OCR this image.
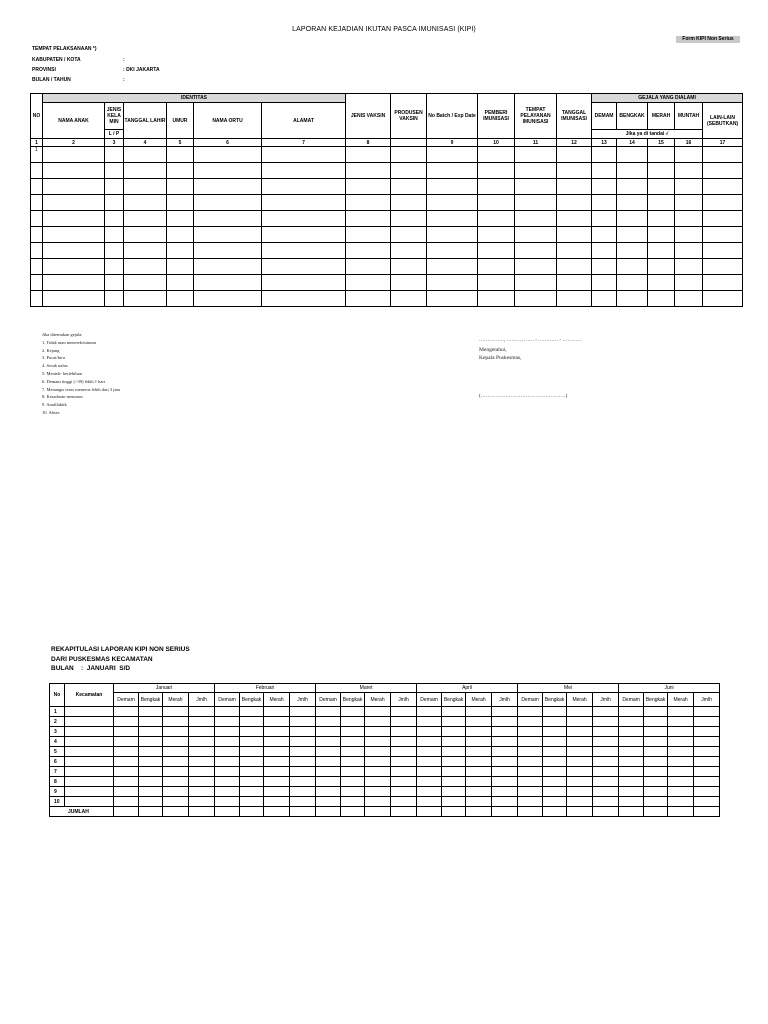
LAPORAN KEJADIAN IKUTAN PASCA IMUNISASI (KIPI)
Form KIPI Non Serius
TEMPAT PELAKSANAAN *)
KABUPATEN / KOTA	:
PROVINSI	: DKI JAKARTA
BULAN / TAHUN	:
NO	IDENTITAS						JENIS VAKSIN	PRODUSEN VAKSIN	No Batch / Exp Date	PEMBERI IMUNISASI	TEMPAT PELAYANAN IMUNISASI	TANGGAL IMUNISASI	GEJALA YANG DIALAMI				
	NAMA ANAK	JENIS KELA MIN	TANGGAL LAHIR	UMUR	NAMA ORTU	ALAMAT							DEMAM	BENGKAK	MERAH	MUNTAH	LAIN-LAIN (SEBUTKAN)
		L / P											Jika ya di tandai √				
1	2	3	4	5	6	7	8		9	10	11	12	13	14	15	16	17
1																	

Jika ditemukan gejala:
1. Tidak mau menetek/minum
2. Kejang
3. Pucat/biru
4. Sesak nafas
5. Mentek- berlebihan
6. Demam tinggi (>39) lebih 1 hari
7. Menangis terus menerus lebih dari 3 jam
8. Kesadaran menurun
9. Anafilaktik
10. Abses
……………, ………, …… - ………… - …………
Mengetahui,
Kepala Puskesmas,
(……………………………………………)
REKAPITULASI LAPORAN KIPI NON SERIUS
DARI PUSKESMAS KECAMATAN
BULAN    :  JANUARI  S/D
No	Kecamatan	Januari				Februari				Maret				April				Mei				Juni			
		Demam	Bengkak	Merah	Jmlh	Demam	Bengkak	Merah	Jmlh	Demam	Bengkak	Merah	Jmlh	Demam	Bengkak	Merah	Jmlh	Demam	Bengkak	Merah	Jmlh	Demam	Bengkak	Merah	Jmlh
1																									
2																									
3																									
4																									
5																									
6																									
7																									
8																									
9																									
10																									
JUMLAH																									
